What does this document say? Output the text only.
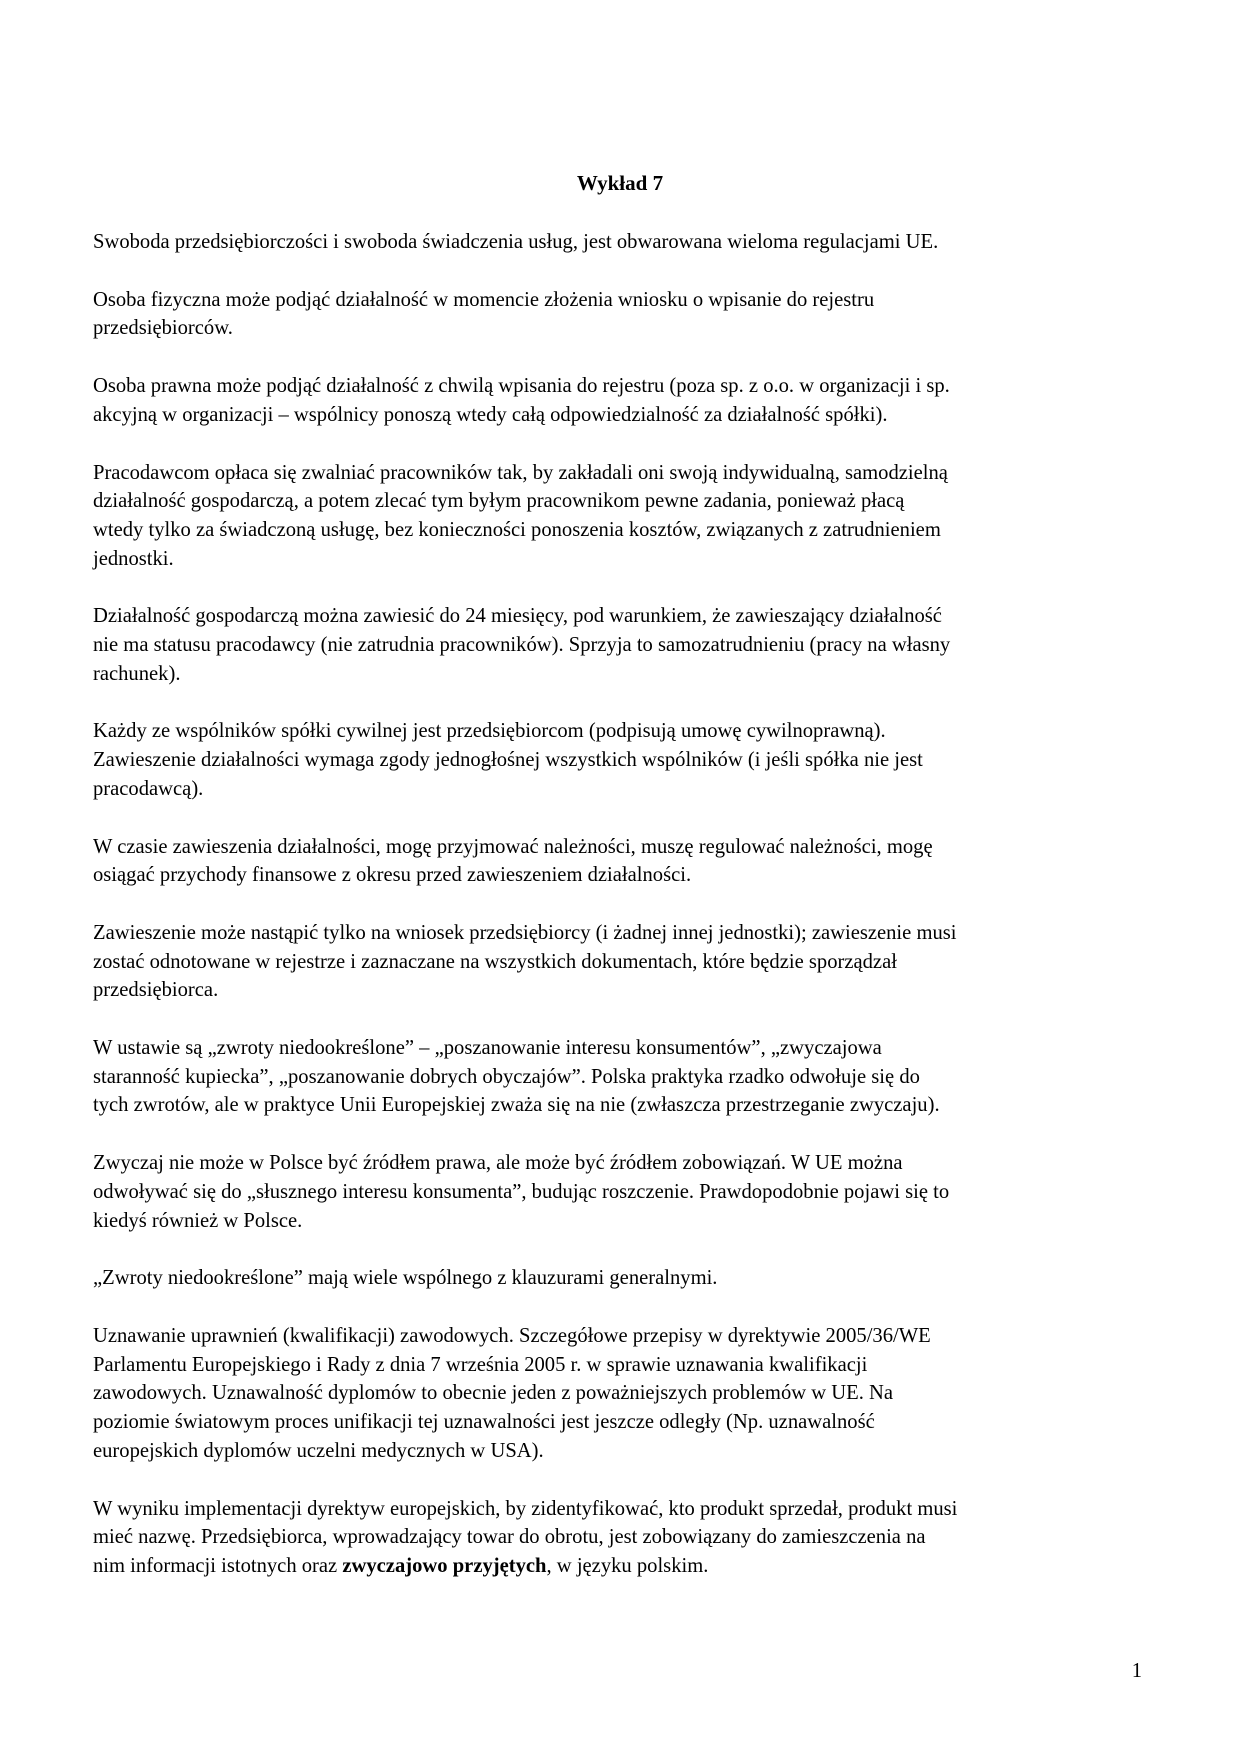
Wykład 7

Swoboda przedsiębiorczości i swoboda świadczenia usług, jest obwarowana wieloma regulacjami UE.

Osoba fizyczna może podjąć działalność w momencie złożenia wniosku o wpisanie do rejestru
przedsiębiorców.

Osoba prawna może podjąć działalność z chwilą wpisania do rejestru (poza sp. z o.o. w organizacji i sp.
akcyjną w organizacji – wspólnicy ponoszą wtedy całą odpowiedzialność za działalność spółki).

Pracodawcom opłaca się zwalniać pracowników tak, by zakładali oni swoją indywidualną, samodzielną
działalność gospodarczą, a potem zlecać tym byłym pracownikom pewne zadania, ponieważ płacą
wtedy tylko za świadczoną usługę, bez konieczności ponoszenia kosztów, związanych z zatrudnieniem
jednostki.

Działalność gospodarczą można zawiesić do 24 miesięcy, pod warunkiem, że zawieszający działalność
nie ma statusu pracodawcy (nie zatrudnia pracowników). Sprzyja to samozatrudnieniu (pracy na własny
rachunek).

Każdy ze wspólników spółki cywilnej jest przedsiębiorcom (podpisują umowę cywilnoprawną).
Zawieszenie działalności wymaga zgody jednogłośnej wszystkich wspólników (i jeśli spółka nie jest
pracodawcą).

W czasie zawieszenia działalności, mogę przyjmować należności, muszę regulować należności, mogę
osiągać przychody finansowe z okresu przed zawieszeniem działalności.

Zawieszenie może nastąpić tylko na wniosek przedsiębiorcy (i żadnej innej jednostki); zawieszenie musi
zostać odnotowane w rejestrze i zaznaczane na wszystkich dokumentach, które będzie sporządzał
przedsiębiorca.

W ustawie są „zwroty niedookreślone” – „poszanowanie interesu konsumentów”, „zwyczajowa
staranność kupiecka”, „poszanowanie dobrych obyczajów”. Polska praktyka rzadko odwołuje się do
tych zwrotów, ale w praktyce Unii Europejskiej zważa się na nie (zwłaszcza przestrzeganie zwyczaju).

Zwyczaj nie może w Polsce być źródłem prawa, ale może być źródłem zobowiązań. W UE można
odwoływać się do „słusznego interesu konsumenta”, budując roszczenie. Prawdopodobnie pojawi się to
kiedyś również w Polsce.

„Zwroty niedookreślone” mają wiele wspólnego z klauzurami generalnymi.

Uznawanie uprawnień (kwalifikacji) zawodowych. Szczegółowe przepisy w dyrektywie 2005/36/WE
Parlamentu Europejskiego i Rady z dnia 7 września 2005 r. w sprawie uznawania kwalifikacji
zawodowych. Uznawalność dyplomów to obecnie jeden z poważniejszych problemów w UE. Na
poziomie światowym proces unifikacji tej uznawalności jest jeszcze odległy (Np. uznawalność
europejskich dyplomów uczelni medycznych w USA).

W wyniku implementacji dyrektyw europejskich, by zidentyfikować, kto produkt sprzedał, produkt musi
mieć nazwę. Przedsiębiorca, wprowadzający towar do obrotu, jest zobowiązany do zamieszczenia na
nim informacji istotnych oraz zwyczajowo przyjętych, w języku polskim.

1
